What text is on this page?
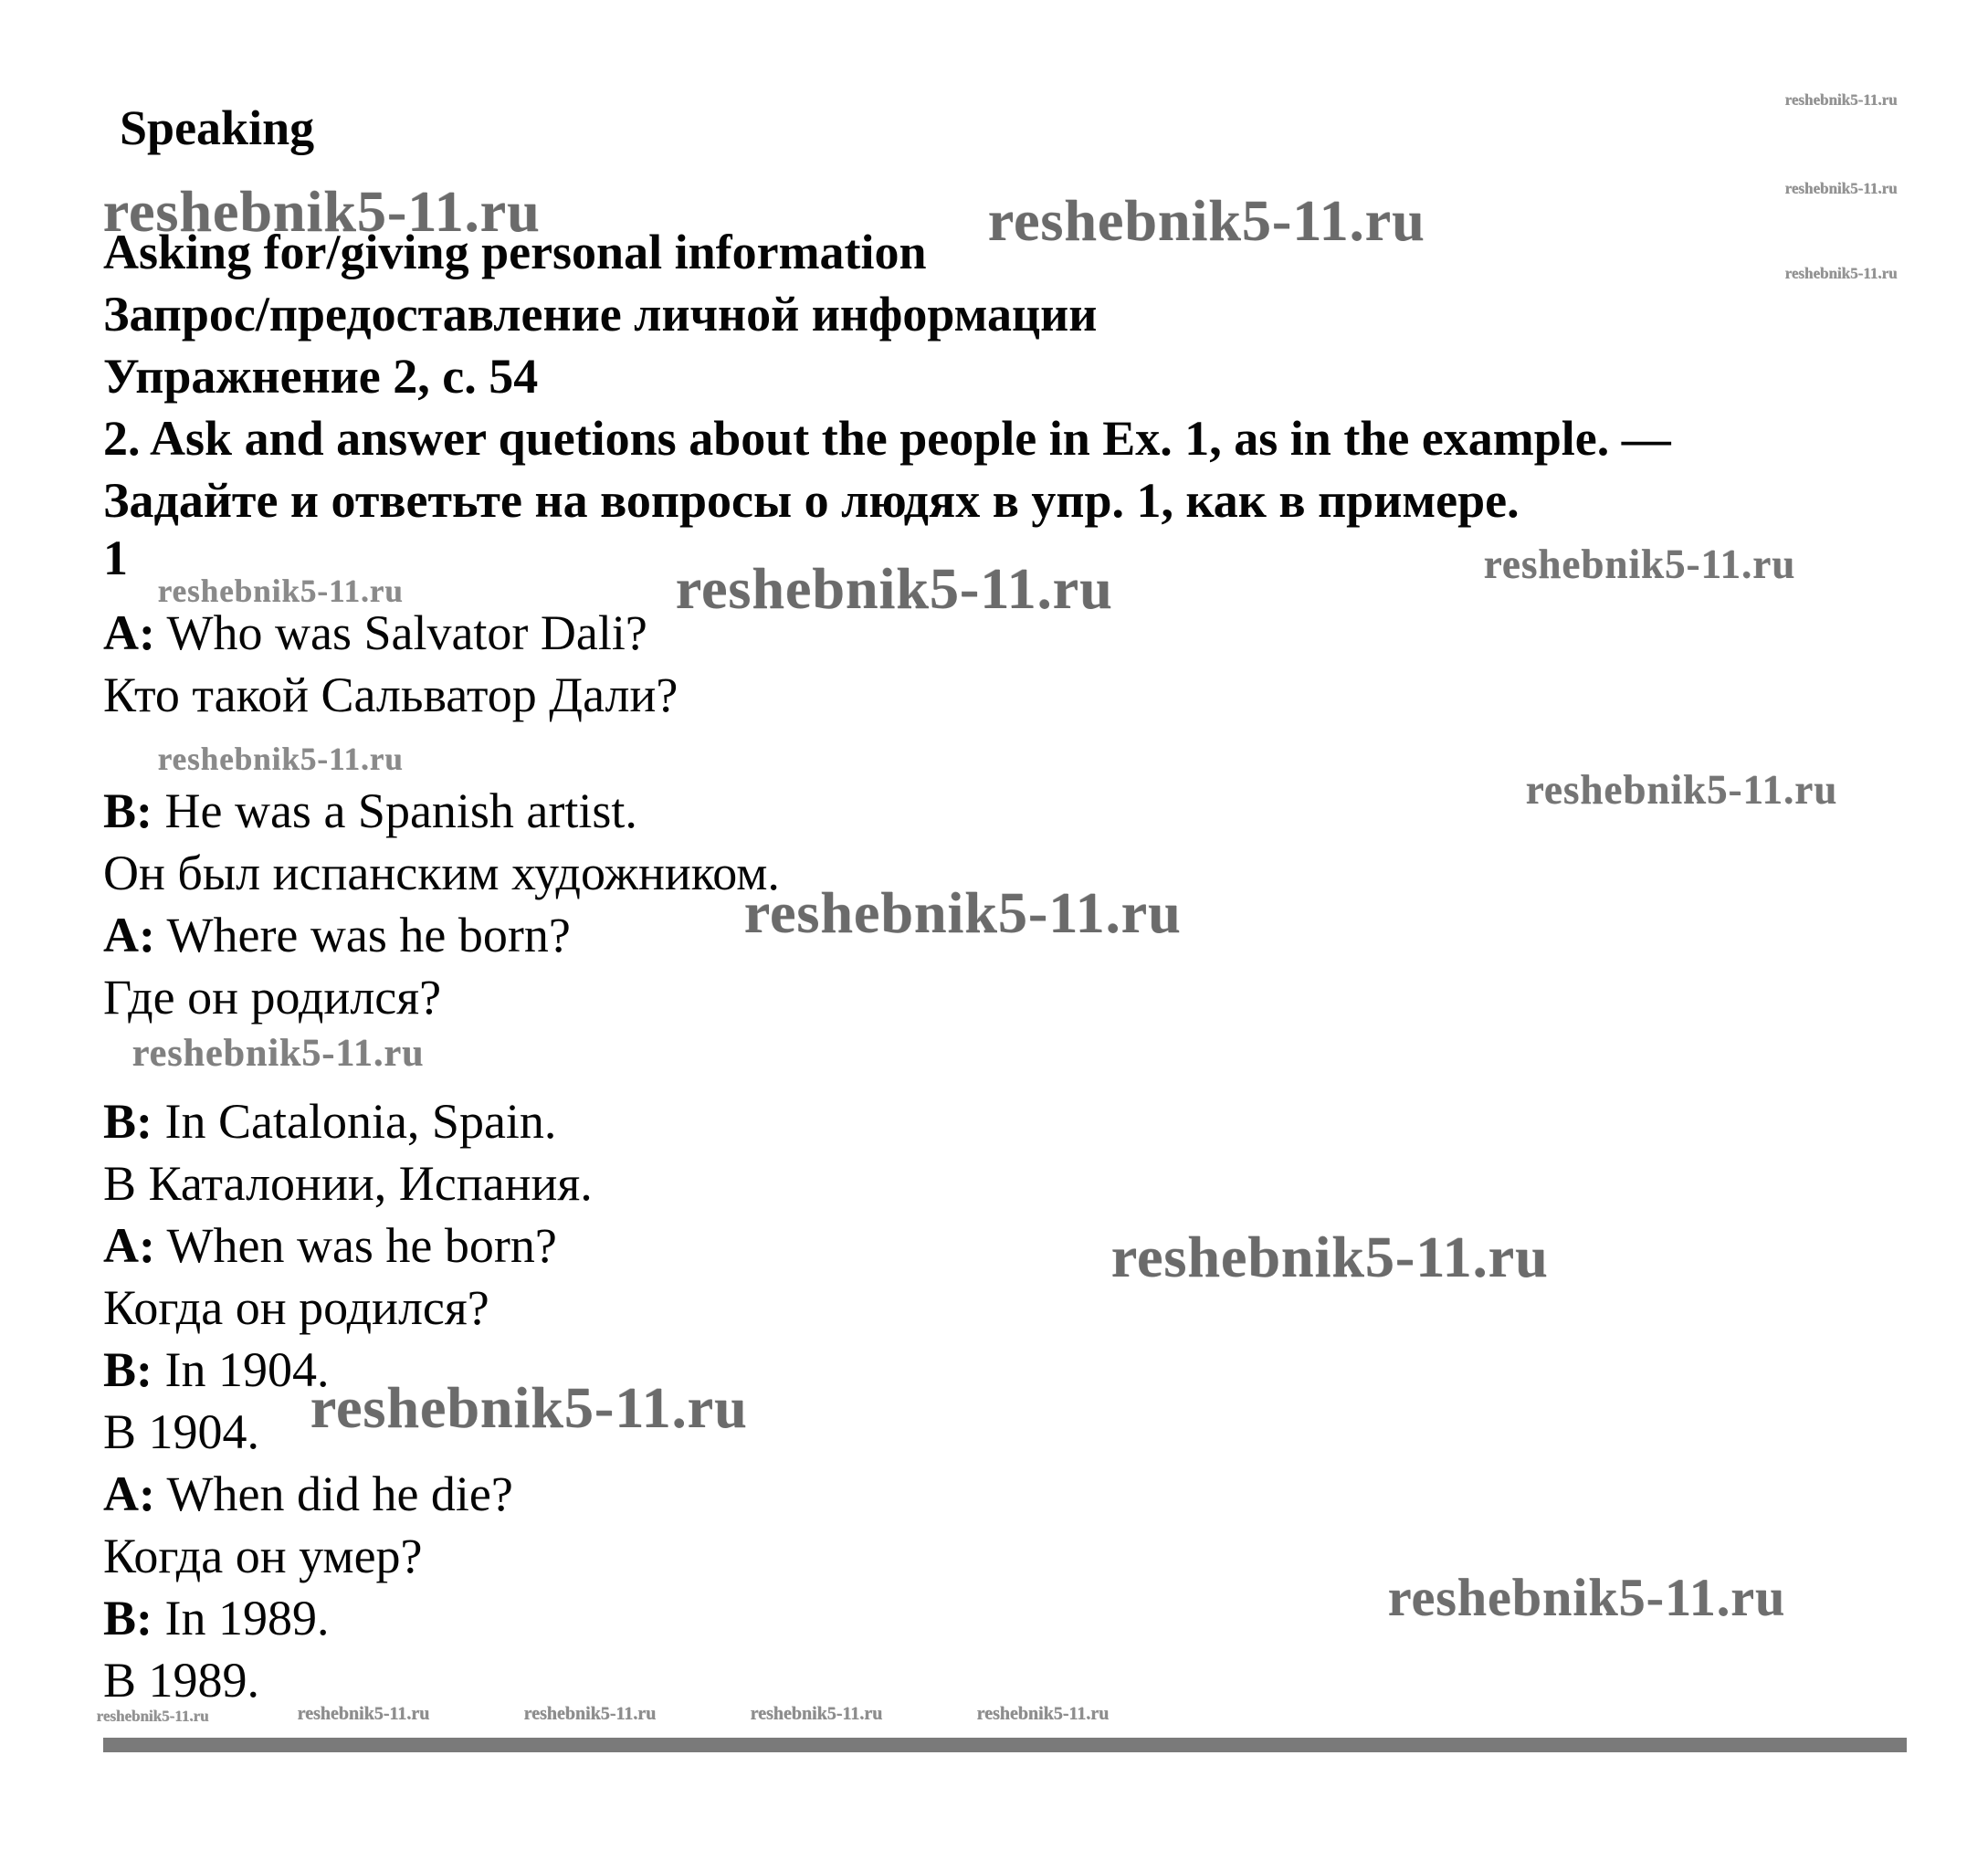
Speaking
Asking for/giving personal information
Запрос/предоставление личной информации
Упражнение 2, с. 54
2. Ask and answer quetions about the people in Ex. 1, as in the example. —
Задайте и ответьте на вопросы о людях в упр. 1, как в примере.
1
A: Who was Salvator Dali?
Кто такой Сальватор Дали?
B: He was a Spanish artist.
Он был испанским художником.
A: Where was he born?
Где он родился?
B: In Catalonia, Spain.
В Каталонии, Испания.
A: When was he born?
Когда он родился?
B: In 1904.
В 1904.
A: When did he die?
Когда он умер?
B: In 1989.
В 1989.
reshebnik5-11.ru	reshebnik5-11.ru
reshebnik5-11.ru
reshebnik5-11.ru
reshebnik5-11.ru
reshebnik5-11.ru	reshebnik5-11.ru	reshebnik5-11.ru
reshebnik5-11.ru
reshebnik5-11.ru
reshebnik5-11.ru
reshebnik5-11.ru
reshebnik5-11.ru
reshebnik5-11.ru
reshebnik5-11.ru
reshebnik5-11.ru	reshebnik5-11.ru	reshebnik5-11.ru	reshebnik5-11.ru	reshebnik5-11.ru
